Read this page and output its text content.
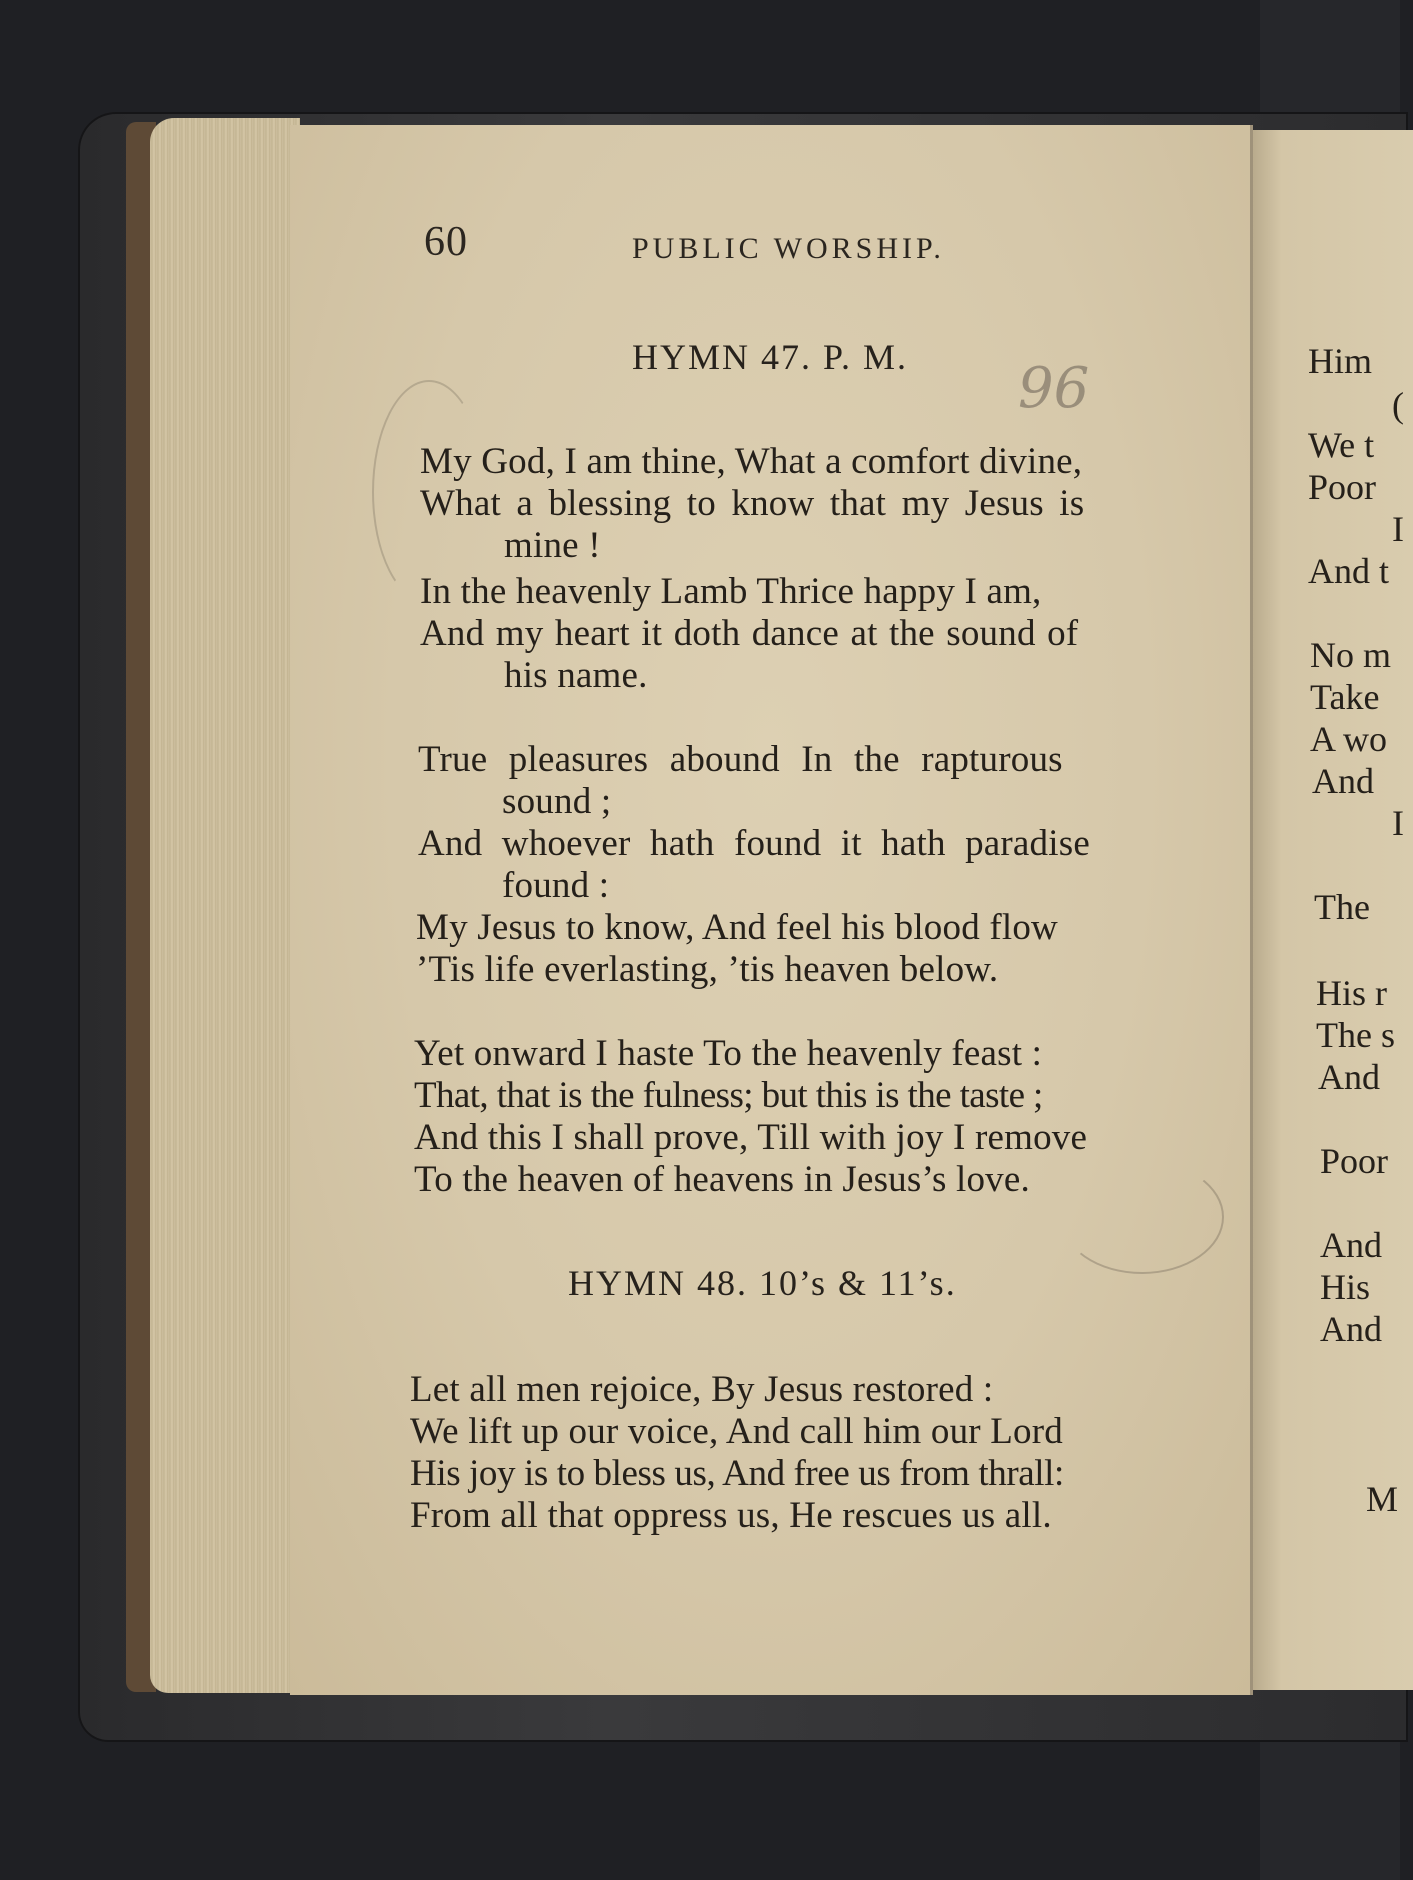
60	PUBLIC WORSHIP.
96
HYMN 47. P. M.
My God, I am thine, What a comfort divine,
What a blessing to know that my Jesus is
mine !
In the heavenly Lamb Thrice happy I am,
And my heart it doth dance at the sound of
his name.
True pleasures abound In the rapturous
sound ;
And whoever hath found it hath paradise
found :
My Jesus to know, And feel his blood flow
’Tis life everlasting, ’tis heaven below.
Yet onward I haste To the heavenly feast :
That, that is the fulness; but this is the taste ;
And this I shall prove, Till with joy I remove
To the heaven of heavens in Jesus’s love.
HYMN 48. 10’s & 11’s.
Let all men rejoice, By Jesus restored :
We lift up our voice, And call him our Lord
His joy is to bless us, And free us from thrall:
From all that oppress us, He rescues us all.
Him
(
We t
Poor
I
And t
No m
Take
A wo
And
I
The
His r
The s
And
Poor
And
His
And
M
